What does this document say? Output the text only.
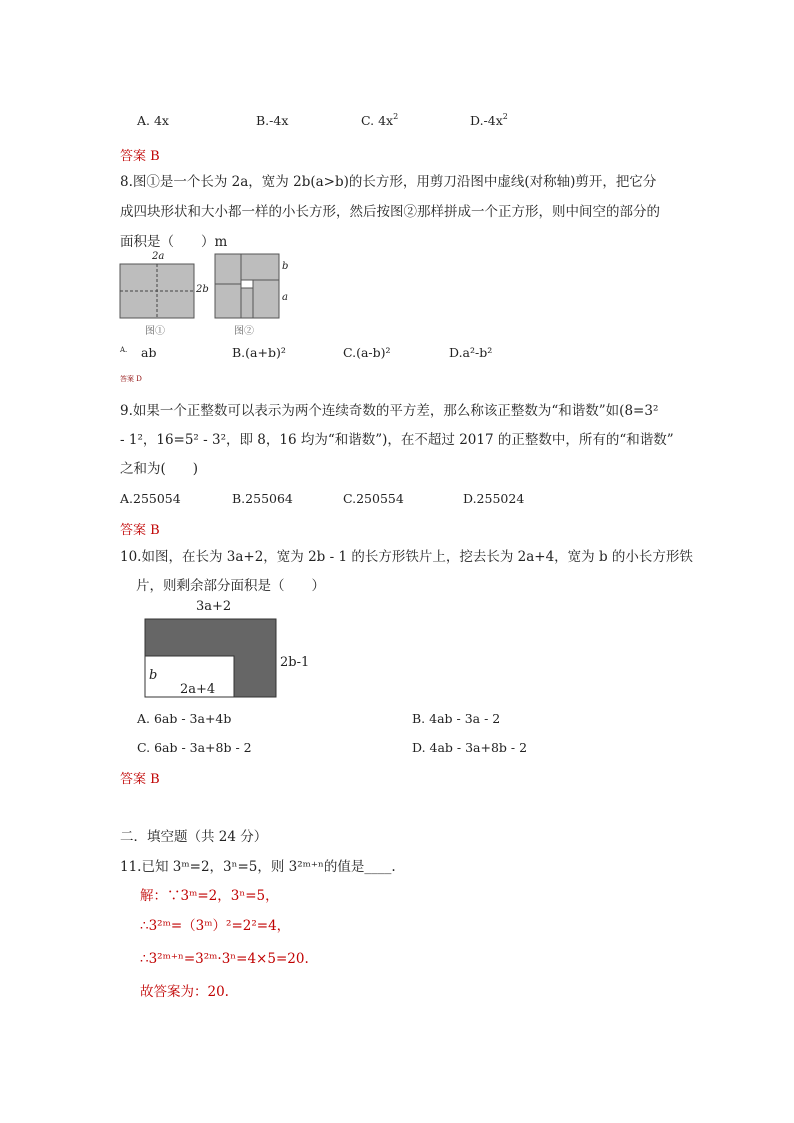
A. 4x	B.-4x	C. $4x^2$	$D.-4x^2$
答案 B
8.图①是一个长为 2a，宽为 2b(a>b)的长方形，用剪刀沿图中虚线(对称轴)剪开，把它分
成四块形状和大小都一样的小长方形，然后按图②那样拼成一个正方形，则中间空的部分的
面积是（　　）m
2a
2b
图①
b
a
图②
A. ab	B.(a+b)²	C.(a-b)²	D.a²-b²
答案 D
9.如果一个正整数可以表示为两个连续奇数的平方差，那么称该正整数为“和谐数”如(8=3²
- 1²，16=5² - 3²，即 8，16 均为“和谐数”)，在不超过 2017 的正整数中，所有的“和谐数”
之和为(　　)
A.255054	B.255064	C.250554	D.255024
答案 B
10.如图，在长为 3a+2，宽为 2b - 1 的长方形铁片上，挖去长为 2a+4，宽为 b 的小长方形铁
片，则剩余部分面积是（　　）
3a+2
2b-1
b
2a+4
A. 6ab - 3a+4b	B. 4ab - 3a - 2
C. 6ab - 3a+8b - 2	D. 4ab - 3a+8b - 2
答案 B
二．填空题（共 24 分）
11.已知 3ᵐ=2，3ⁿ=5，则 3²ᵐ⁺ⁿ的值是____.
解：∵3ᵐ=2，3ⁿ=5，
∴3²ᵐ=（3ᵐ）²=2²=4，
∴3²ᵐ⁺ⁿ=3²ᵐ·3ⁿ=4×5=20.
故答案为：20.
